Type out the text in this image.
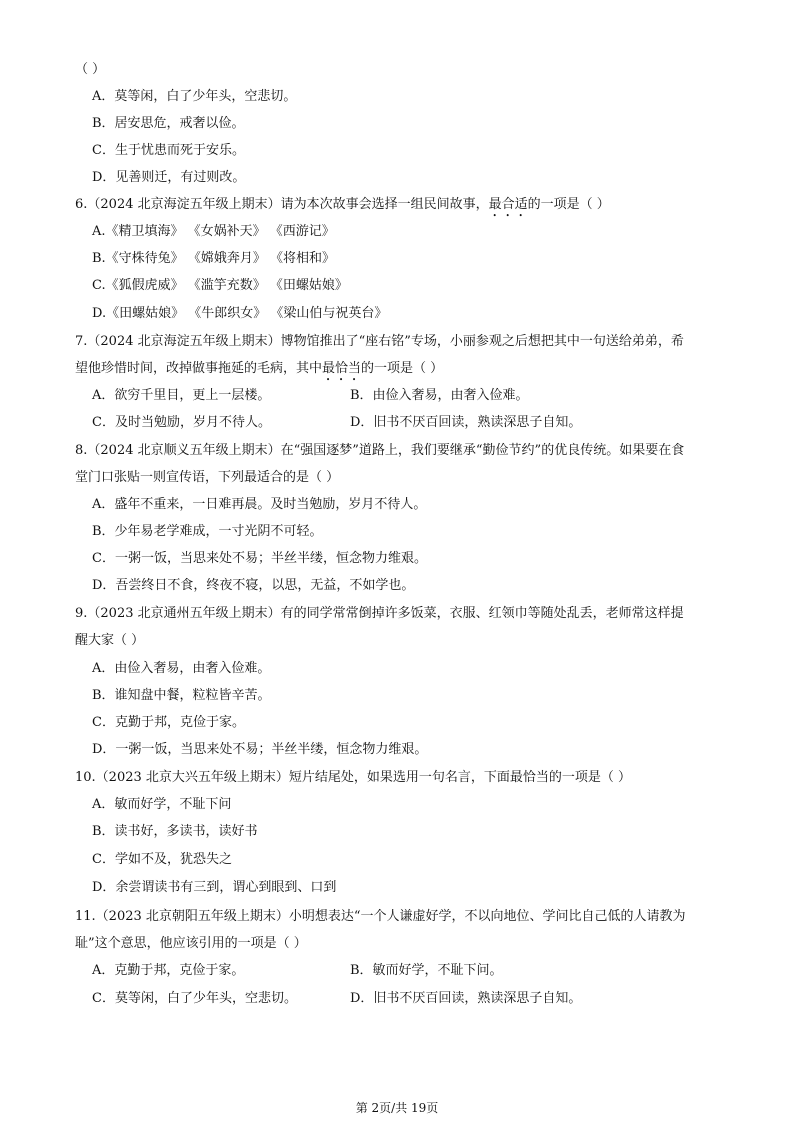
（ ）
A．莫等闲，白了少年头，空悲切。
B．居安思危，戒奢以俭。
C．生于忧患而死于安乐。
D．见善则迁，有过则改。
6.（2024 北京海淀五年级上期末）请为本次故事会选择一组民间故事，最合适的一项是（ ）
A.《精卫填海》 《女娲补天》 《西游记》
B.《守株待兔》 《嫦娥奔月》 《将相和》
C.《狐假虎威》 《滥竽充数》 《田螺姑娘》
D.《田螺姑娘》 《牛郎织女》 《梁山伯与祝英台》
7.（2024 北京海淀五年级上期末）博物馆推出了“座右铭”专场，小丽参观之后想把其中一句送给弟弟，希
望他珍惜时间，改掉做事拖延的毛病，其中最恰当的一项是（ ）
A．欲穷千里目，更上一层楼。	B．由俭入奢易，由奢入俭难。
C．及时当勉励，岁月不待人。	D．旧书不厌百回读，熟读深思子自知。
8.（2024 北京顺义五年级上期末）在“强国逐梦”道路上，我们要继承“勤俭节约”的优良传统。如果要在食
堂门口张贴一则宣传语，下列最适合的是（ ）
A．盛年不重来，一日难再晨。及时当勉励，岁月不待人。
B．少年易老学难成，一寸光阴不可轻。
C．一粥一饭，当思来处不易；半丝半缕，恒念物力维艰。
D．吾尝终日不食，终夜不寝，以思，无益，不如学也。
9.（2023 北京通州五年级上期末）有的同学常常倒掉许多饭菜，衣服、红领巾等随处乱丢，老师常这样提
醒大家（ ）
A．由俭入奢易，由奢入俭难。
B．谁知盘中餐，粒粒皆辛苦。
C．克勤于邦，克俭于家。
D．一粥一饭，当思来处不易；半丝半缕，恒念物力维艰。
10.（2023 北京大兴五年级上期末）短片结尾处，如果选用一句名言，下面最恰当的一项是（ ）
A．敏而好学，不耻下问
B．读书好，多读书，读好书
C．学如不及，犹恐失之
D．余尝谓读书有三到，谓心到眼到、口到
11.（2023 北京朝阳五年级上期末）小明想表达“一个人谦虚好学，不以向地位、学问比自己低的人请教为
耻”这个意思，他应该引用的一项是（ ）
A．克勤于邦，克俭于家。	B．敏而好学，不耻下问。
C．莫等闲，白了少年头，空悲切。	D．旧书不厌百回读，熟读深思子自知。
第 2页/共 19页
